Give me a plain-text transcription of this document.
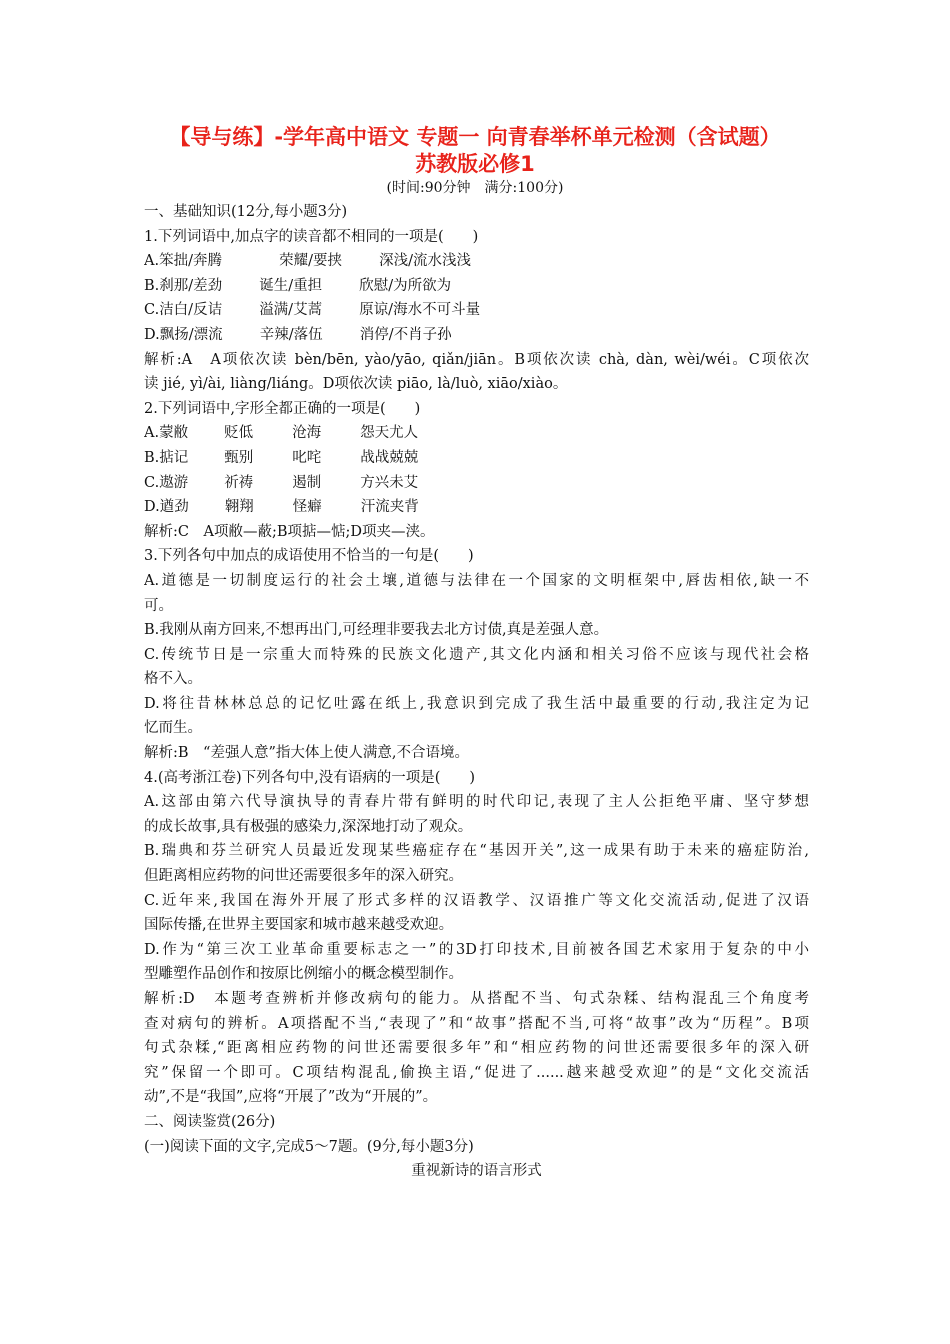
【导与练】-学年高中语文 专题一 向青春举杯单元检测（含试题）
苏教版必修1
(时间:90分钟　满分:100分)
一、基础知识(12分,每小题3分)
1.下列词语中,加点字的读音都不相同的一项是(　　)
A.笨拙/奔腾	荣耀/要挟	深浅/流水浅浅
B.刹那/差劲	诞生/重担	欣慰/为所欲为
C.洁白/反诘	溢满/艾蒿	原谅/海水不可斗量
D.飘扬/漂流	辛辣/落伍	消停/不肖子孙
解析:A　A项依次读 bèn/bēn, yào/yāo, qiǎn/jiān。B项依次读 chà, dàn, wèi/wéi。C项依次
读 jié, yì/ài, liàng/liáng。D项依次读 piāo, là/luò, xiāo/xiào。
2.下列词语中,字形全都正确的一项是(　　)
A.蒙敝 贬低	沧海	怨天尤人
B.掂记 甄别	叱咤	战战兢兢
C.遨游 祈祷	遏制	方兴未艾
D.遒劲 翱翔	怪癖	汗流夹背
解析:C　A项敝—蔽;B项掂—惦;D项夹—浃。
3.下列各句中加点的成语使用不恰当的一句是(　　)
A.道德是一切制度运行的社会土壤,道德与法律在一个国家的文明框架中,唇齿相依,缺一不
可。
B.我刚从南方回来,不想再出门,可经理非要我去北方讨债,真是差强人意。
C.传统节日是一宗重大而特殊的民族文化遗产,其文化内涵和相关习俗不应该与现代社会格
格不入。
D.将往昔林林总总的记忆吐露在纸上,我意识到完成了我生活中最重要的行动,我注定为记
忆而生。
解析:B　“差强人意”指大体上使人满意,不合语境。
4.(高考浙江卷)下列各句中,没有语病的一项是(　　)
A.这部由第六代导演执导的青春片带有鲜明的时代印记,表现了主人公拒绝平庸、坚守梦想
的成长故事,具有极强的感染力,深深地打动了观众。
B.瑞典和芬兰研究人员最近发现某些癌症存在“基因开关”,这一成果有助于未来的癌症防治,
但距离相应药物的问世还需要很多年的深入研究。
C.近年来,我国在海外开展了形式多样的汉语教学、汉语推广等文化交流活动,促进了汉语
国际传播,在世界主要国家和城市越来越受欢迎。
D.作为“第三次工业革命重要标志之一”的3D打印技术,目前被各国艺术家用于复杂的中小
型雕塑作品创作和按原比例缩小的概念模型制作。
解析:D　本题考查辨析并修改病句的能力。从搭配不当、句式杂糅、结构混乱三个角度考
查对病句的辨析。A项搭配不当,“表现了”和“故事”搭配不当,可将“故事”改为“历程”。B项
句式杂糅,“距离相应药物的问世还需要很多年”和“相应药物的问世还需要很多年的深入研
究”保留一个即可。C项结构混乱,偷换主语,“促进了......越来越受欢迎”的是“文化交流活
动”,不是“我国”,应将“开展了”改为“开展的”。
二、阅读鉴赏(26分)
(一)阅读下面的文字,完成5～7题。(9分,每小题3分)
重视新诗的语言形式
